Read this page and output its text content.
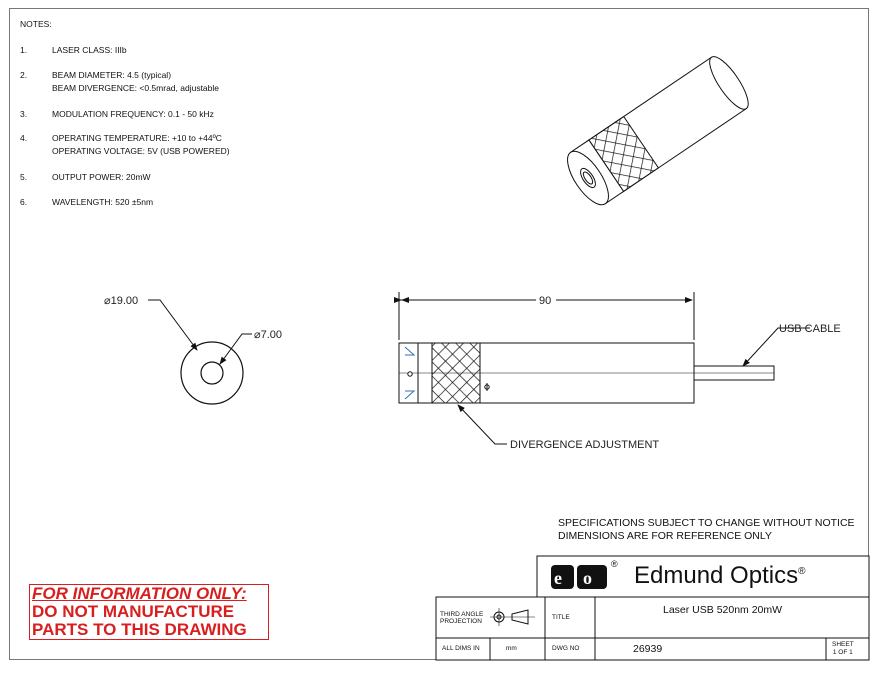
NOTES:
1.	LASER CLASS: IIIb
2.	BEAM DIAMETER: 4.5 (typical)
BEAM DIVERGENCE: <0.5mrad, adjustable
3.	MODULATION FREQUENCY: 0.1 - 50 kHz
4.	OPERATING TEMPERATURE: +10 to +44ºC
OPERATING VOLTAGE: 5V (USB POWERED)
5.	OUTPUT POWER: 20mW
6.	WAVELENGTH: 520 ±5nm
⌀19.00
⌀7.00
90
USB CABLE
DIVERGENCE ADJUSTMENT
e o
® Edmund Optics®
SPECIFICATIONS SUBJECT TO CHANGE WITHOUT NOTICE
DIMENSIONS ARE FOR REFERENCE ONLY
FOR INFORMATION ONLY:
DO NOT MANUFACTURE
PARTS TO THIS DRAWING
THIRD ANGLE
PROJECTION
TITLE
Laser USB 520nm 20mW
ALL DIMS IN	mm	DWG NO	26939	SHEET
1 OF 1
